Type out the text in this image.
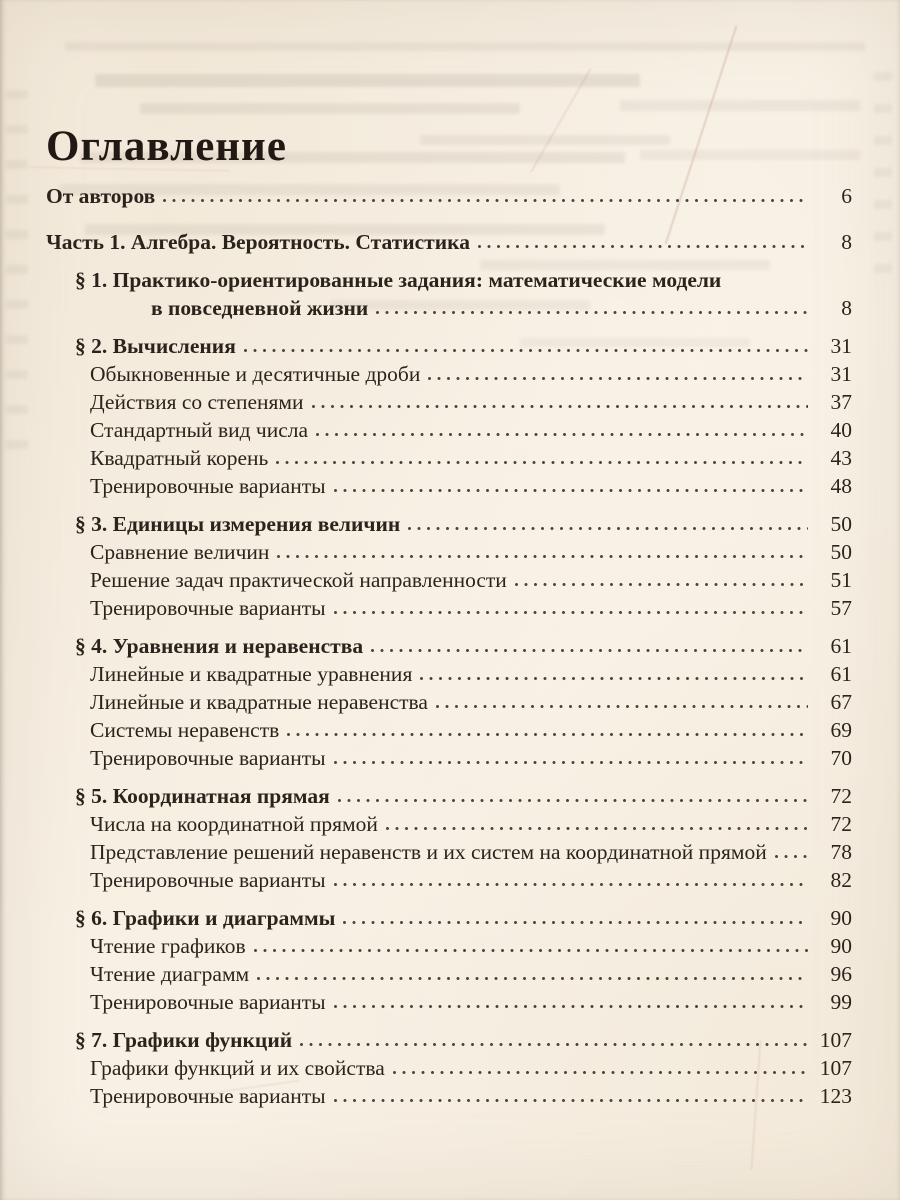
Оглавление
От авторов	6
Часть 1. Алгебра. Вероятность. Статистика	8
§ 1. Практико-ориентированные задания: математические модели
в повседневной жизни	8
§ 2. Вычисления	31
Обыкновенные и десятичные дроби	31
Действия со степенями	37
Стандартный вид числа	40
Квадратный корень	43
Тренировочные варианты	48
§ 3. Единицы измерения величин	50
Сравнение величин	50
Решение задач практической направленности	51
Тренировочные варианты	57
§ 4. Уравнения и неравенства	61
Линейные и квадратные уравнения	61
Линейные и квадратные неравенства	67
Системы неравенств	69
Тренировочные варианты	70
§ 5. Координатная прямая	72
Числа на координатной прямой	72
Представление решений неравенств и их систем на координатной прямой	78
Тренировочные варианты	82
§ 6. Графики и диаграммы	90
Чтение графиков	90
Чтение диаграмм	96
Тренировочные варианты	99
§ 7. Графики функций	107
Графики функций и их свойства	107
Тренировочные варианты	123
